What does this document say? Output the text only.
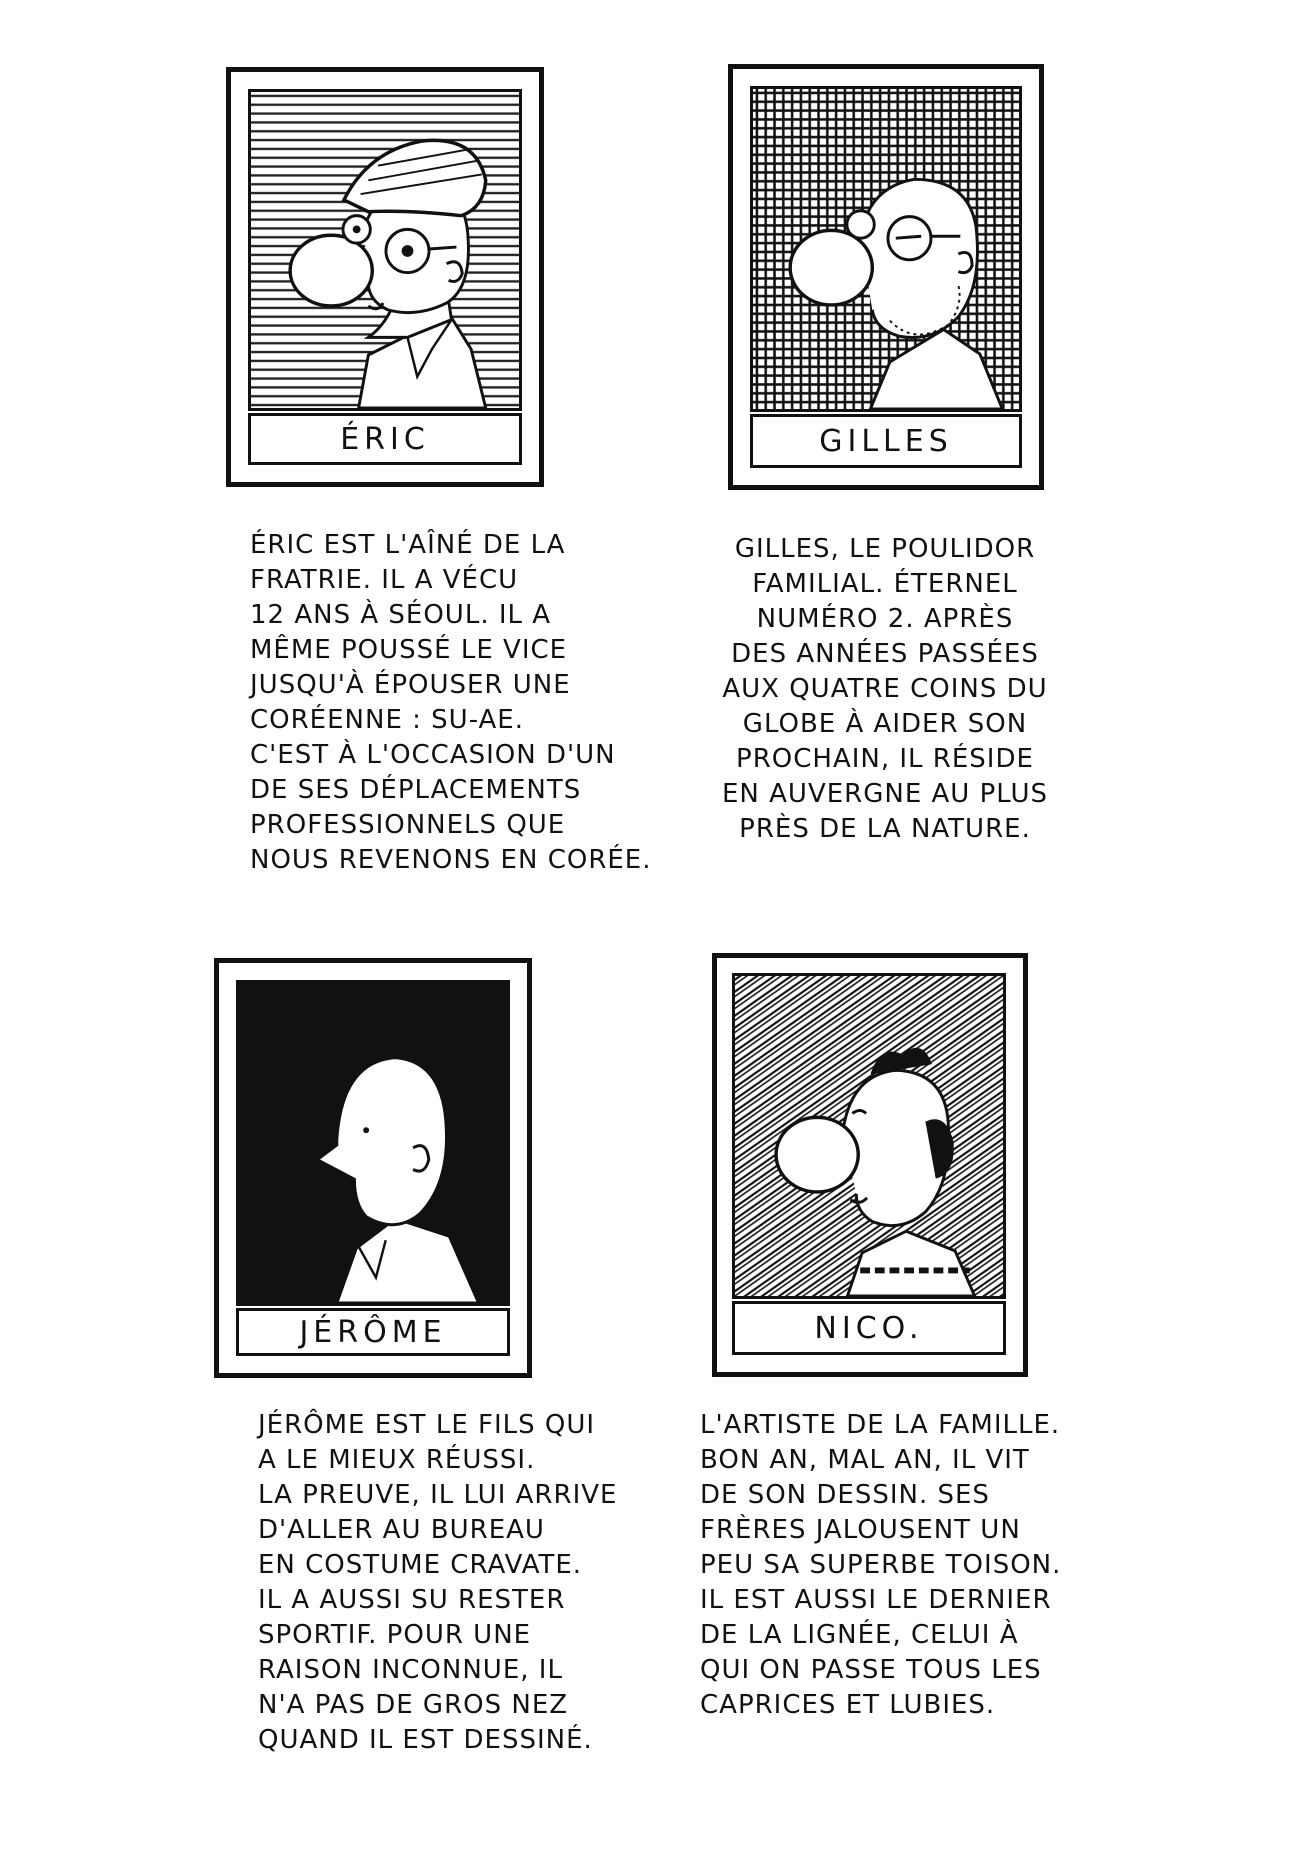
ÉRIC	GILLES
JÉRÔME	NICO.
ÉRIC EST L'AÎNÉ DE LA
FRATRIE. IL A VÉCU
12 ANS À SÉOUL. IL A
MÊME POUSSÉ LE VICE
JUSQU'À ÉPOUSER UNE
CORÉENNE : SU-AE.
C'EST À L'OCCASION D'UN
DE SES DÉPLACEMENTS
PROFESSIONNELS QUE
NOUS REVENONS EN CORÉE.
GILLES, LE POULIDOR
FAMILIAL. ÉTERNEL
NUMÉRO 2. APRÈS
DES ANNÉES PASSÉES
AUX QUATRE COINS DU
GLOBE À AIDER SON
PROCHAIN, IL RÉSIDE
EN AUVERGNE AU PLUS
PRÈS DE LA NATURE.
JÉRÔME EST LE FILS QUI
A LE MIEUX RÉUSSI.
LA PREUVE, IL LUI ARRIVE
D'ALLER AU BUREAU
EN COSTUME CRAVATE.
IL A AUSSI SU RESTER
SPORTIF. POUR UNE
RAISON INCONNUE, IL
N'A PAS DE GROS NEZ
QUAND IL EST DESSINÉ.
L'ARTISTE DE LA FAMILLE.
BON AN, MAL AN, IL VIT
DE SON DESSIN. SES
FRÈRES JALOUSENT UN
PEU SA SUPERBE TOISON.
IL EST AUSSI LE DERNIER
DE LA LIGNÉE, CELUI À
QUI ON PASSE TOUS LES
CAPRICES ET LUBIES.
